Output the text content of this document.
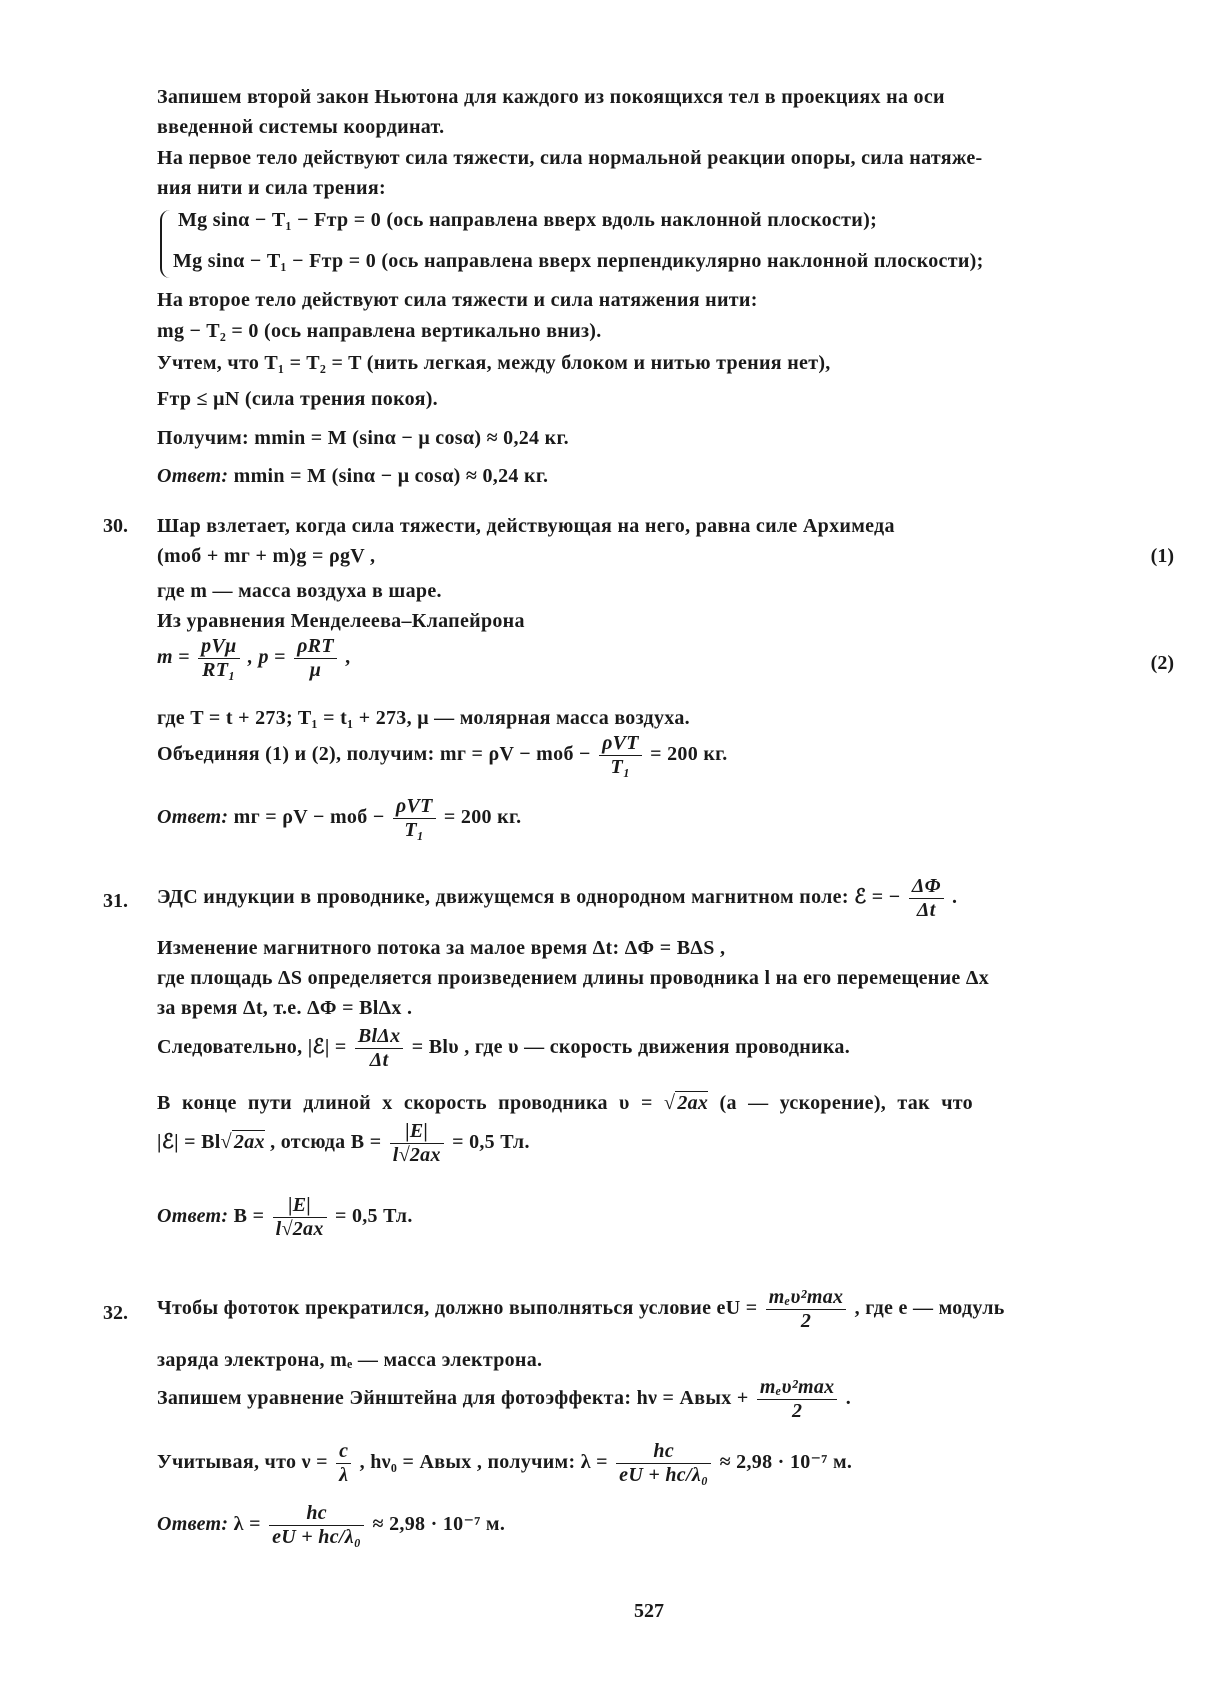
Запишем второй закон Ньютона для каждого из покоящихся тел в проекциях на оси
введенной системы координат.
На первое тело действуют сила тяжести, сила нормальной реакции опоры, сила натяже-
ния нити и сила трения:
Mg sinα − T₁ − Fтр = 0 (ось направлена вверх вдоль наклонной плоскости);
Mg sinα − T₁ − Fтр = 0 (ось направлена вверх перпендикулярно наклонной плоскости);
На второе тело действуют сила тяжести и сила натяжения нити:
mg − T₂ = 0 (ось направлена вертикально вниз).
Учтем, что T₁ = T₂ = T (нить легкая, между блоком и нитью трения нет),
Fтр ≤ μN (сила трения покоя).
Получим: mmin = M (sinα − μ cosα) ≈ 0,24 кг.
Ответ: mmin = M (sinα − μ cosα) ≈ 0,24 кг.
30. Шар взлетает, когда сила тяжести, действующая на него, равна силе Архимеда
(mоб + mг + m)g = ρgV ,	(1)
где m — масса воздуха в шаре.
Из уравнения Менделеева–Клапейрона
$m = \frac{\text{pVμ}}{\text{RT₁}}$ , $p = \frac{\text{ρRT}}{\mu}$ ,	(2)
где T = t + 273; T₁ = t₁ + 273, μ — молярная масса воздуха.
Объединяя (1) и (2), получим: mг = ρV − mоб − $\frac{\text{ρVT}}{\text{T₁}} = 200$ кг.
Ответ: mг = ρV − mоб − $\frac{\text{ρVT}}{\text{T₁}} = 200$ кг.
31. ЭДС индукции в проводнике, движущемся в однородном магнитном поле: ℰ = − $\frac{\Delta\Phi}{\Delta t}$ .
Изменение магнитного потока за малое время Δt: ΔΦ = BΔS ,
где площадь ΔS определяется произведением длины проводника l на его перемещение Δx
за время Δt, т.е. ΔΦ = BlΔx .
Следовательно, |ℰ| = $\frac{\text{BlΔx}}{\Delta t} = Bl\upsilon$ , где υ — скорость движения проводника.
В конце пути длиной x скорость проводника υ = √ 2ax (a — ускорение), так что
|ℰ| = Bl√ 2ax , отсюда $B = \frac{|E|}{l√2ax} = 0,5$ Тл.
Ответ: $B = \frac{|E|}{l√2ax} = 0,5$ Тл.
32. Чтобы фототок прекратился, должно выполняться условие eU = $\frac{\text{mₑυ²max}}{2}$ , где e — модуль
заряда электрона, mₑ — масса электрона.
Запишем уравнение Эйнштейна для фотоэффекта: hν = Aвых + $\frac{\text{mₑυ²max}}{2}$ .
Учитывая, что $\nu = \frac{c}{\lambda}$ , hν₀ = Aвых , получим: $\lambda = \frac{hc}{\text{eU + hc/λ₀}} \approx 2,98 \cdot 10^{-7}$ м.
Ответ: $\lambda = \frac{hc}{\text{eU + hc/λ₀}} \approx 2,98 \cdot 10^{-7}$ м.
527
